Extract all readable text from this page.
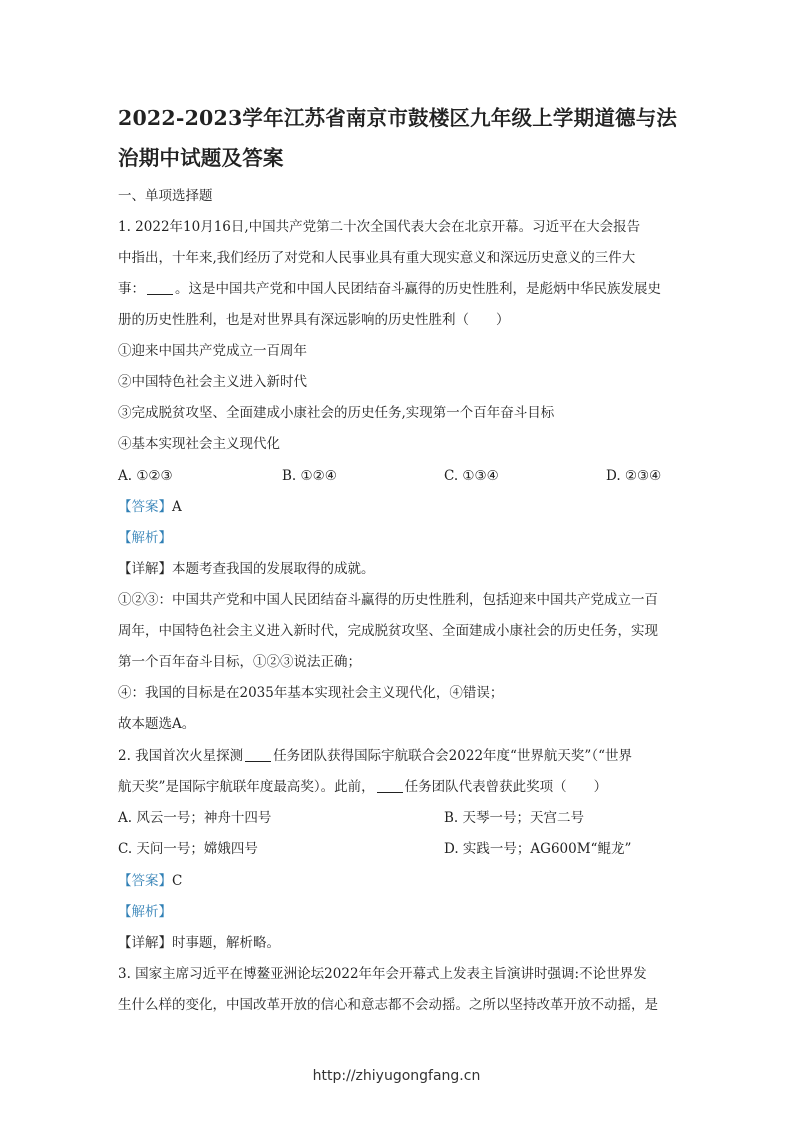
2022-2023学年江苏省南京市鼓楼区九年级上学期道德与法
治期中试题及答案
一、单项选择题
1. 2022年10月16日,中国共产党第二十次全国代表大会在北京开幕。习近平在大会报告
中指出，十年来,我们经历了对党和人民事业具有重大现实意义和深远历史意义的三件大
事： 。这是中国共产党和中国人民团结奋斗赢得的历史性胜利，是彪炳中华民族发展史
册的历史性胜利，也是对世界具有深远影响的历史性胜利（　　）
①迎来中国共产党成立一百周年
②中国特色社会主义进入新时代
③完成脱贫攻坚、全面建成小康社会的历史任务,实现第一个百年奋斗目标
④基本实现社会主义现代化
A. ①②③	B. ①②④	C. ①③④	D. ②③④
【答案】A
【解析】
【详解】本题考查我国的发展取得的成就。
①②③：中国共产党和中国人民团结奋斗赢得的历史性胜利，包括迎来中国共产党成立一百
周年，中国特色社会主义进入新时代，完成脱贫攻坚、全面建成小康社会的历史任务，实现
第一个百年奋斗目标，①②③说法正确；
④：我国的目标是在2035年基本实现社会主义现代化，④错误；
故本题选A。
2. 我国首次火星探测 任务团队获得国际宇航联合会2022年度“世界航天奖”（“世界
航天奖”是国际宇航联年度最高奖）。此前， 任务团队代表曾获此奖项（　　）
A. 风云一号；神舟十四号	B. 天琴一号；天宫二号
C. 天问一号；嫦娥四号	D. 实践一号；AG600M“鲲龙”
【答案】C
【解析】
【详解】时事题，解析略。
3. 国家主席习近平在博鳌亚洲论坛2022年年会开幕式上发表主旨演讲时强调:不论世界发
生什么样的变化，中国改革开放的信心和意志都不会动摇。之所以坚持改革开放不动摇，是
http://zhiyugongfang.cn
